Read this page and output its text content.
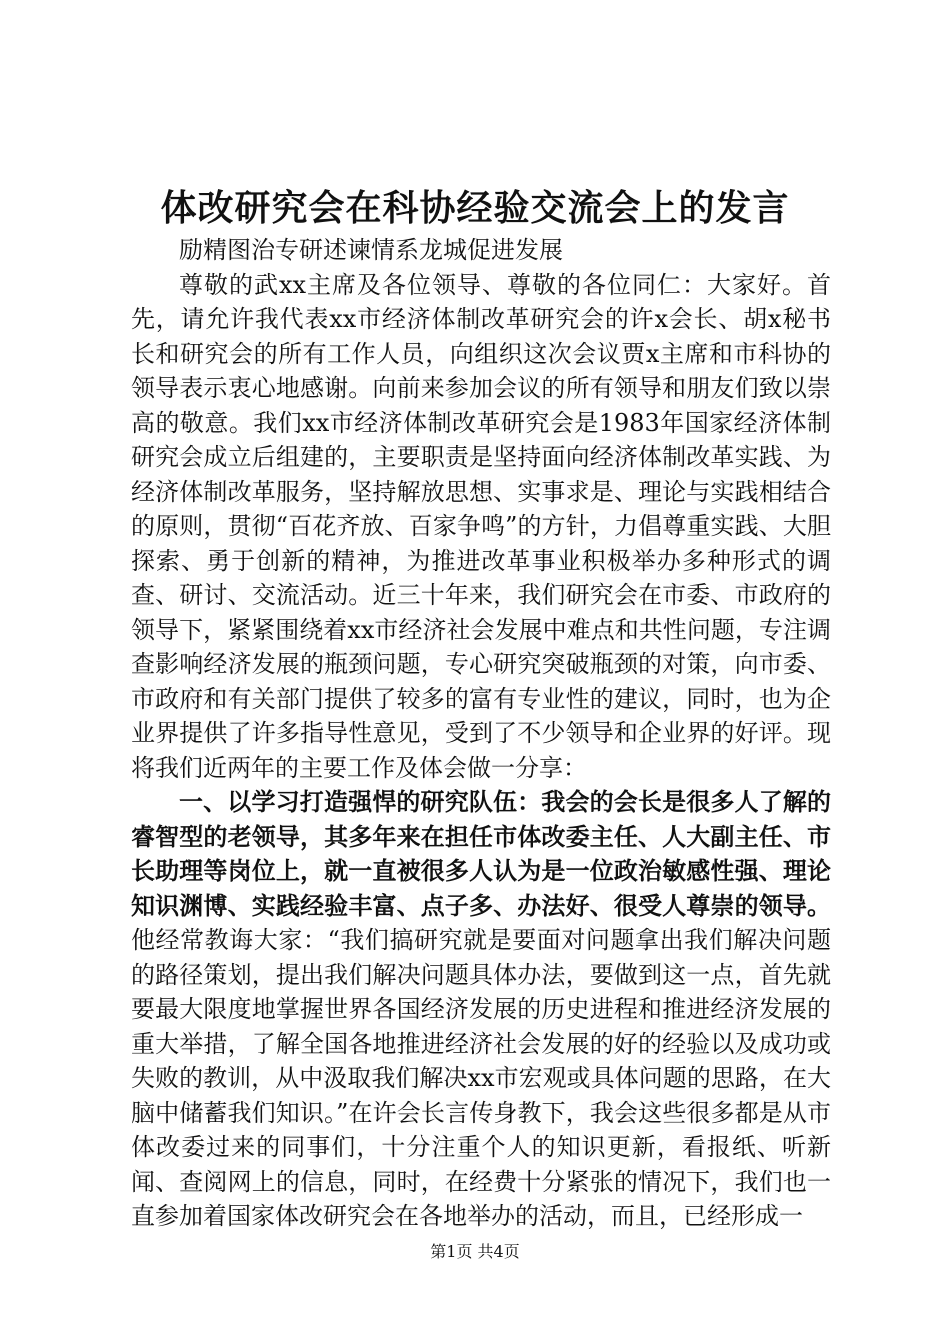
体改研究会在科协经验交流会上的发言

励精图治专研述谏情系龙城促进发展

尊敬的武xx主席及各位领导、尊敬的各位同仁：大家好。首先，请允许我代表xx市经济体制改革研究会的许x会长、胡x秘书长和研究会的所有工作人员，向组织这次会议贾x主席和市科协的领导表示衷心地感谢。向前来参加会议的所有领导和朋友们致以崇高的敬意。我们xx市经济体制改革研究会是1983年国家经济体制研究会成立后组建的，主要职责是坚持面向经济体制改革实践、为经济体制改革服务，坚持解放思想、实事求是、理论与实践相结合的原则，贯彻“百花齐放、百家争鸣”的方针，力倡尊重实践、大胆探索、勇于创新的精神，为推进改革事业积极举办多种形式的调查、研讨、交流活动。近三十年来，我们研究会在市委、市政府的领导下，紧紧围绕着xx市经济社会发展中难点和共性问题，专注调查影响经济发展的瓶颈问题，专心研究突破瓶颈的对策，向市委、市政府和有关部门提供了较多的富有专业性的建议，同时，也为企业界提供了许多指导性意见，受到了不少领导和企业界的好评。现将我们近两年的主要工作及体会做一分享：

一、以学习打造强悍的研究队伍：我会的会长是很多人了解的睿智型的老领导，其多年来在担任市体改委主任、人大副主任、市长助理等岗位上，就一直被很多人认为是一位政治敏感性强、理论知识渊博、实践经验丰富、点子多、办法好、很受人尊崇的领导。他经常教诲大家：“我们搞研究就是要面对问题拿出我们解决问题的路径策划，提出我们解决问题具体办法，要做到这一点，首先就要最大限度地掌握世界各国经济发展的历史进程和推进经济发展的重大举措，了解全国各地推进经济社会发展的好的经验以及成功或失败的教训，从中汲取我们解决xx市宏观或具体问题的思路，在大脑中储蓄我们知识。”在许会长言传身教下，我会这些很多都是从市体改委过来的同事们，十分注重个人的知识更新，看报纸、听新闻、查阅网上的信息，同时，在经费十分紧张的情况下，我们也一直参加着国家体改研究会在各地举办的活动，而且，已经形成一

第1页 共4页
